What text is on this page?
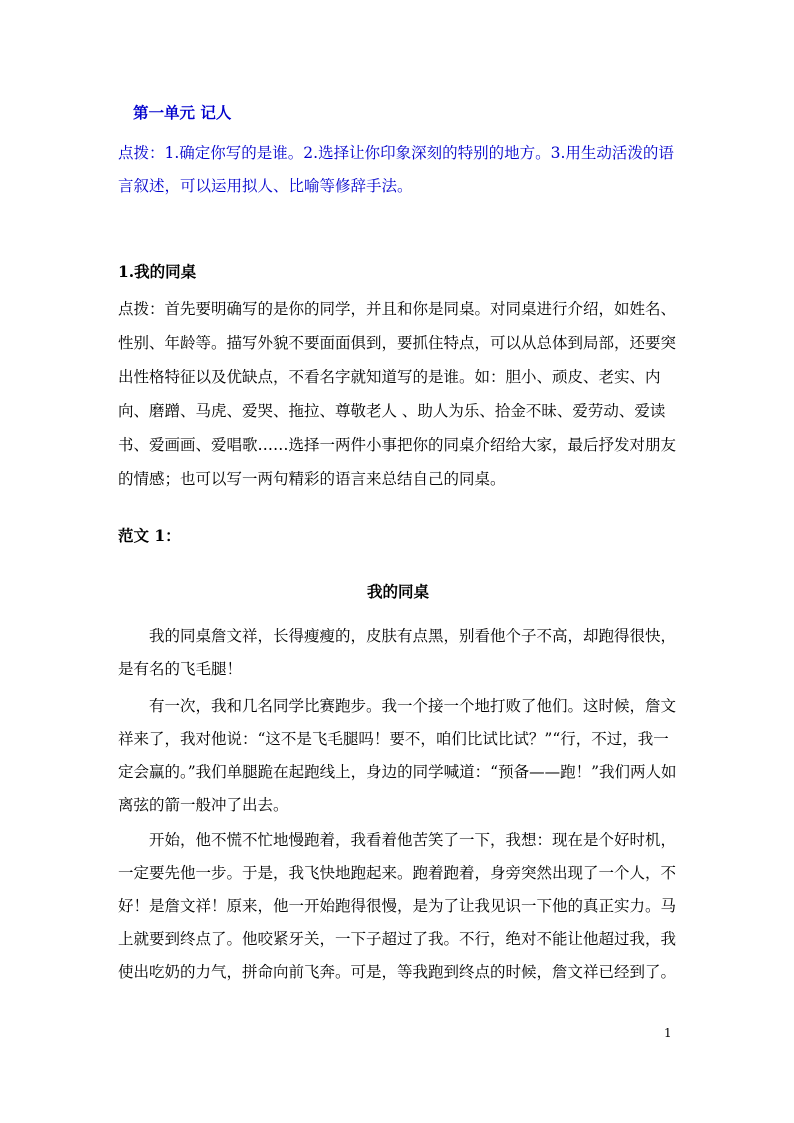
第一单元 记人
点拨：1.确定你写的是谁。2.选择让你印象深刻的特别的地方。3.用生动活泼的语言叙述，可以运用拟人、比喻等修辞手法。
1.我的同桌
点拨：首先要明确写的是你的同学，并且和你是同桌。对同桌进行介绍，如姓名、性别、年龄等。描写外貌不要面面俱到，要抓住特点，可以从总体到局部，还要突出性格特征以及优缺点，不看名字就知道写的是谁。如：胆小、顽皮、老实、内向、磨蹭、马虎、爱哭、拖拉、尊敬老人 、助人为乐、拾金不昧、爱劳动、爱读书、爱画画、爱唱歌……选择一两件小事把你的同桌介绍给大家，最后抒发对朋友的情感；也可以写一两句精彩的语言来总结自己的同桌。
范文 1：
我的同桌
我的同桌詹文祥，长得瘦瘦的，皮肤有点黑，别看他个子不高，却跑得很快，是有名的飞毛腿！
有一次，我和几名同学比赛跑步。我一个接一个地打败了他们。这时候，詹文祥来了，我对他说：“这不是飞毛腿吗！要不，咱们比试比试？”“行，不过，我一定会赢的。”我们单腿跪在起跑线上，身边的同学喊道：“预备——跑！”我们两人如离弦的箭一般冲了出去。
开始，他不慌不忙地慢跑着，我看着他苦笑了一下，我想：现在是个好时机，一定要先他一步。于是，我飞快地跑起来。跑着跑着，身旁突然出现了一个人，不好！是詹文祥！原来，他一开始跑得很慢，是为了让我见识一下他的真正实力。马上就要到终点了。他咬紧牙关，一下子超过了我。不行，绝对不能让他超过我，我使出吃奶的力气，拼命向前飞奔。可是，等我跑到终点的时候，詹文祥已经到了。
1
